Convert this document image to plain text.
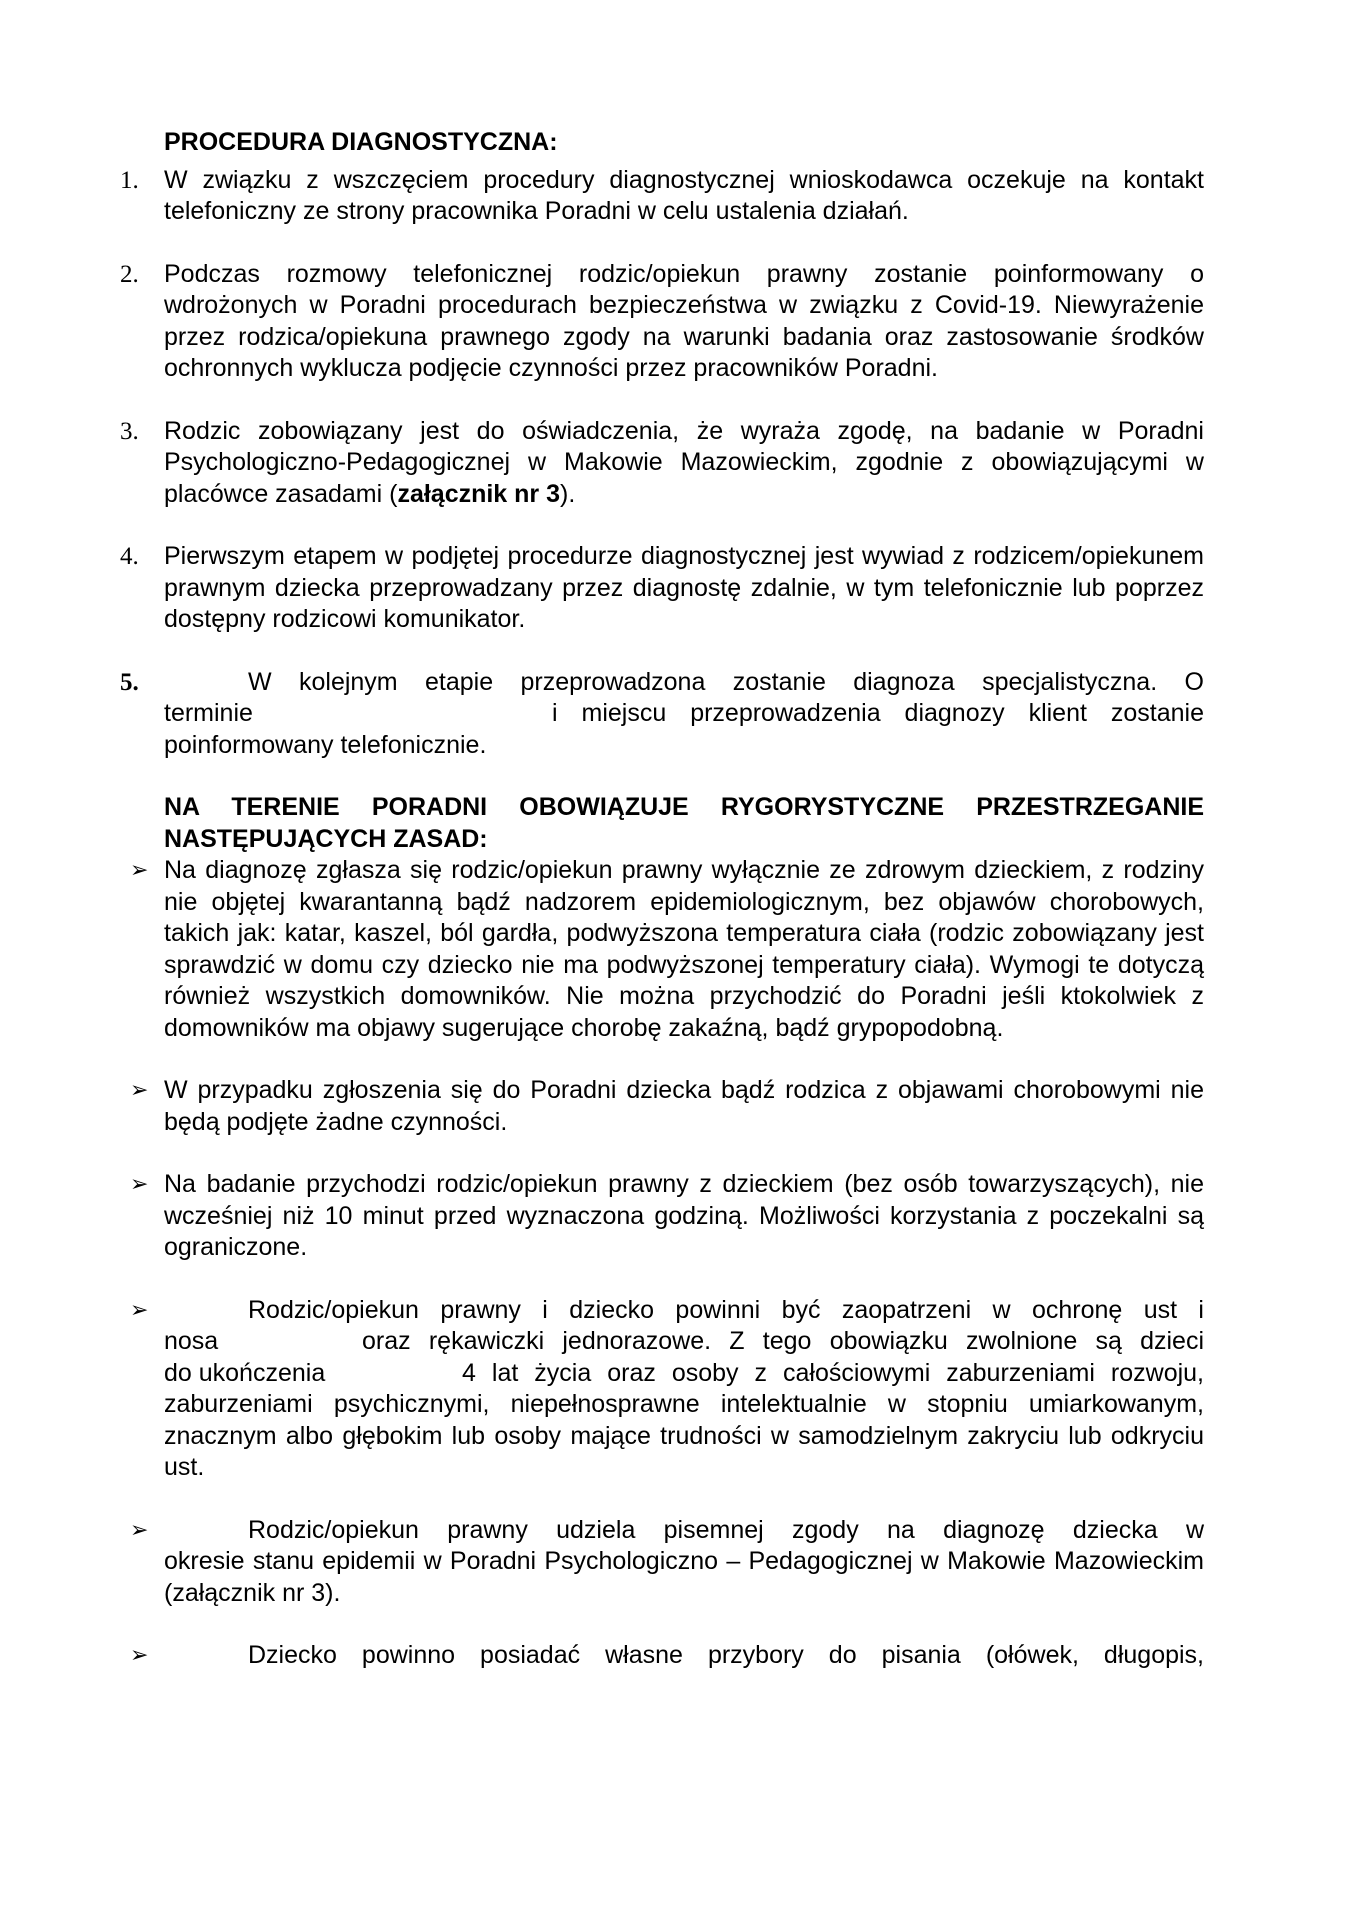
PROCEDURA DIAGNOSTYCZNA:

1. W związku z wszczęciem procedury diagnostycznej wnioskodawca oczekuje na kontakt telefoniczny ze strony pracownika Poradni w celu ustalenia działań.
2. Podczas rozmowy telefonicznej rodzic/opiekun prawny zostanie poinformowany o wdrożonych w Poradni procedurach bezpieczeństwa w związku z Covid-19. Niewyrażenie przez rodzica/opiekuna prawnego zgody na warunki badania oraz zastosowanie środków ochronnych wyklucza podjęcie czynności przez pracowników Poradni.
3. Rodzic zobowiązany jest do oświadczenia, że wyraża zgodę, na badanie w Poradni Psychologiczno-Pedagogicznej w Makowie Mazowieckim, zgodnie z obowiązującymi w placówce zasadami (załącznik nr 3).
4. Pierwszym etapem w podjętej procedurze diagnostycznej jest wywiad z rodzicem/opiekunem prawnym dziecka przeprowadzany przez diagnostę zdalnie, w tym telefonicznie lub poprzez dostępny rodzicowi komunikator.
5.	W kolejnym etapie przeprowadzona zostanie diagnoza specjalistyczna. O
terminie	i miejscu przeprowadzenia diagnozy klient zostanie
poinformowany telefonicznie.

NA TERENIE PORADNI OBOWIĄZUJE RYGORYSTYCZNE PRZESTRZEGANIE NASTĘPUJĄCYCH ZASAD:

➢ Na diagnozę zgłasza się rodzic/opiekun prawny wyłącznie ze zdrowym dzieckiem, z rodziny nie objętej kwarantanną bądź nadzorem epidemiologicznym, bez objawów chorobowych, takich jak: katar, kaszel, ból gardła, podwyższona temperatura ciała (rodzic zobowiązany jest sprawdzić w domu czy dziecko nie ma podwyższonej temperatury ciała). Wymogi te dotyczą również wszystkich domowników. Nie można przychodzić do Poradni jeśli ktokolwiek z domowników ma objawy sugerujące chorobę zakaźną, bądź grypopodobną.
➢ W przypadku zgłoszenia się do Poradni dziecka bądź rodzica z objawami chorobowymi nie będą podjęte żadne czynności.
➢ Na badanie przychodzi rodzic/opiekun prawny z dzieckiem (bez osób towarzyszących), nie wcześniej niż 10 minut przed wyznaczona godziną. Możliwości korzystania z poczekalni są ograniczone.
➢	Rodzic/opiekun prawny i dziecko powinni być zaopatrzeni w ochronę ust i
nosa	oraz rękawiczki jednorazowe. Z tego obowiązku zwolnione są dzieci
do ukończenia	4 lat życia oraz osoby z całościowymi zaburzeniami rozwoju,
zaburzeniami psychicznymi, niepełnosprawne intelektualnie w stopniu umiarkowanym, znacznym albo głębokim lub osoby mające trudności w samodzielnym zakryciu lub odkryciu ust.
➢	Rodzic/opiekun prawny udziela pisemnej zgody na diagnozę dziecka w
okresie stanu epidemii w Poradni Psychologiczno – Pedagogicznej w Makowie Mazowieckim (załącznik nr 3).
➢	Dziecko powinno posiadać własne przybory do pisania (ołówek, długopis,
